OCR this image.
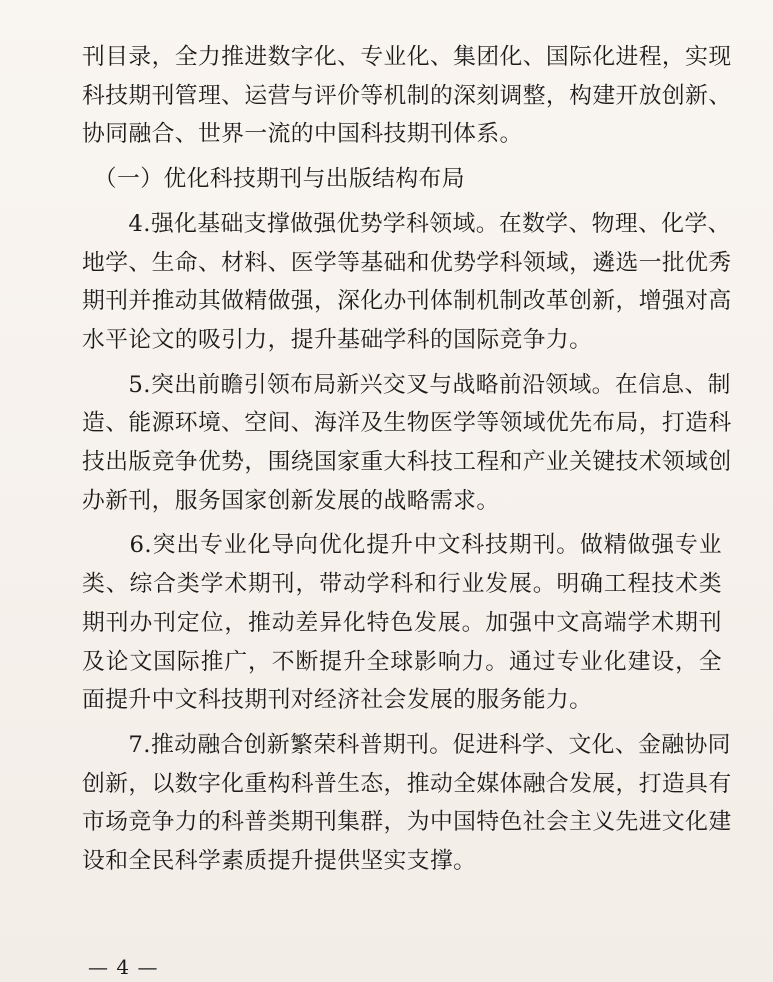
刊目录，全力推进数字化、专业化、集团化、国际化进程，实现
科技期刊管理、运营与评价等机制的深刻调整，构建开放创新、
协同融合、世界一流的中国科技期刊体系。
　（一）优化科技期刊与出版结构布局
　　4.强化基础支撑做强优势学科领域。在数学、物理、化学、
地学、生命、材料、医学等基础和优势学科领域，遴选一批优秀
期刊并推动其做精做强，深化办刊体制机制改革创新，增强对高
水平论文的吸引力，提升基础学科的国际竞争力。
　　5.突出前瞻引领布局新兴交叉与战略前沿领域。在信息、制
造、能源环境、空间、海洋及生物医学等领域优先布局，打造科
技出版竞争优势，围绕国家重大科技工程和产业关键技术领域创
办新刊，服务国家创新发展的战略需求。
　　6.突出专业化导向优化提升中文科技期刊。做精做强专业
类、综合类学术期刊，带动学科和行业发展。明确工程技术类
期刊办刊定位，推动差异化特色发展。加强中文高端学术期刊
及论文国际推广，不断提升全球影响力。通过专业化建设，全
面提升中文科技期刊对经济社会发展的服务能力。
　　7.推动融合创新繁荣科普期刊。促进科学、文化、金融协同
创新，以数字化重构科普生态，推动全媒体融合发展，打造具有
市场竞争力的科普类期刊集群，为中国特色社会主义先进文化建
设和全民科学素质提升提供坚实支撑。
— 4 —
